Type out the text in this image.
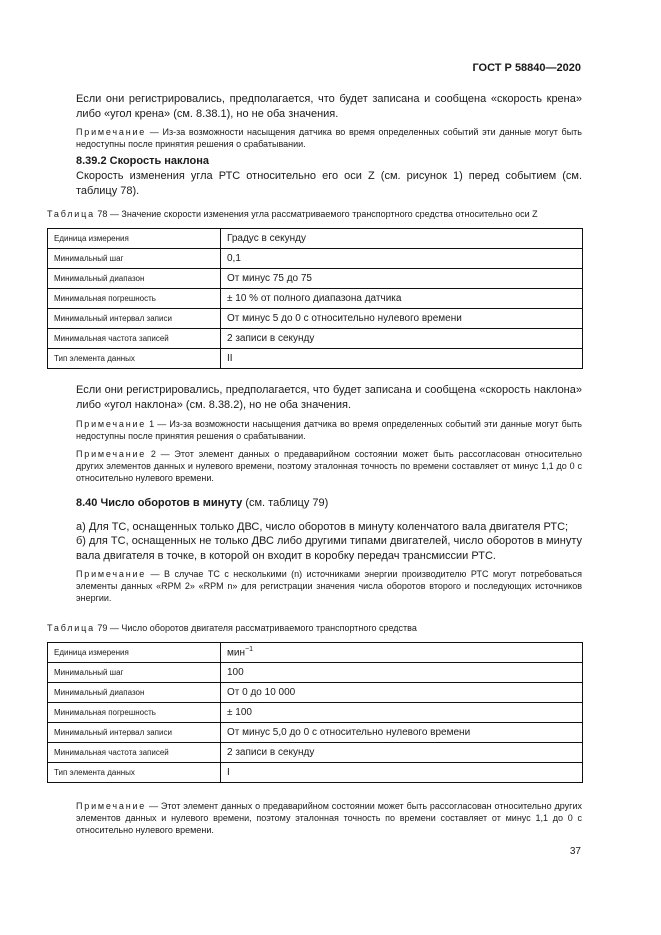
ГОСТ Р 58840—2020
Если они регистрировались, предполагается, что будет записана и сообщена «скорость крена» либо «угол крена» (см. 8.38.1), но не оба значения.
Примечание — Из-за возможности насыщения датчика во время определенных событий эти данные могут быть недоступны после принятия решения о срабатывании.
8.39.2 Скорость наклона
Скорость изменения угла РТС относительно его оси Z (см. рисунок 1) перед событием (см. таблицу 78).
Таблица 78 — Значение скорости изменения угла рассматриваемого транспортного средства относительно оси Z
Единица измерения	Градус в секунду
Минимальный шаг	0,1
Минимальный диапазон	От минус 75 до 75
Минимальная погрешность	± 10 % от полного диапазона датчика
Минимальный интервал записи	От минус 5 до 0 с относительно нулевого времени
Минимальная частота записей	2 записи в секунду
Тип элемента данных	II
Если они регистрировались, предполагается, что будет записана и сообщена «скорость наклона» либо «угол наклона» (см. 8.38.2), но не оба значения.
Примечание 1 — Из-за возможности насыщения датчика во время определенных событий эти данные могут быть недоступны после принятия решения о срабатывании.
Примечание 2 — Этот элемент данных о предаварийном состоянии может быть рассогласован относительно других элементов данных и нулевого времени, поэтому эталонная точность по времени составляет от минус 1,1 до 0 с относительно нулевого времени.
8.40 Число оборотов в минуту (см. таблицу 79)
а) Для ТС, оснащенных только ДВС, число оборотов в минуту коленчатого вала двигателя РТС;
б) для ТС, оснащенных не только ДВС либо другими типами двигателей, число оборотов в минуту вала двигателя в точке, в которой он входит в коробку передач трансмиссии РТС.
Примечание — В случае ТС с несколькими (n) источниками энергии производителю РТС могут потребоваться элементы данных «RPM 2» «RPM n» для регистрации значения числа оборотов второго и последующих источников энергии.
Таблица 79 — Число оборотов двигателя рассматриваемого транспортного средства
Единица измерения	мин$^{-1}$
Минимальный шаг	100
Минимальный диапазон	От 0 до 10 000
Минимальная погрешность	± 100
Минимальный интервал записи	От минус 5,0 до 0 с относительно нулевого времени
Минимальная частота записей	2 записи в секунду
Тип элемента данных	I
Примечание — Этот элемент данных о предаварийном состоянии может быть рассогласован относительно других элементов данных и нулевого времени, поэтому эталонная точность по времени составляет от минус 1,1 до 0 с относительно нулевого времени.
37
